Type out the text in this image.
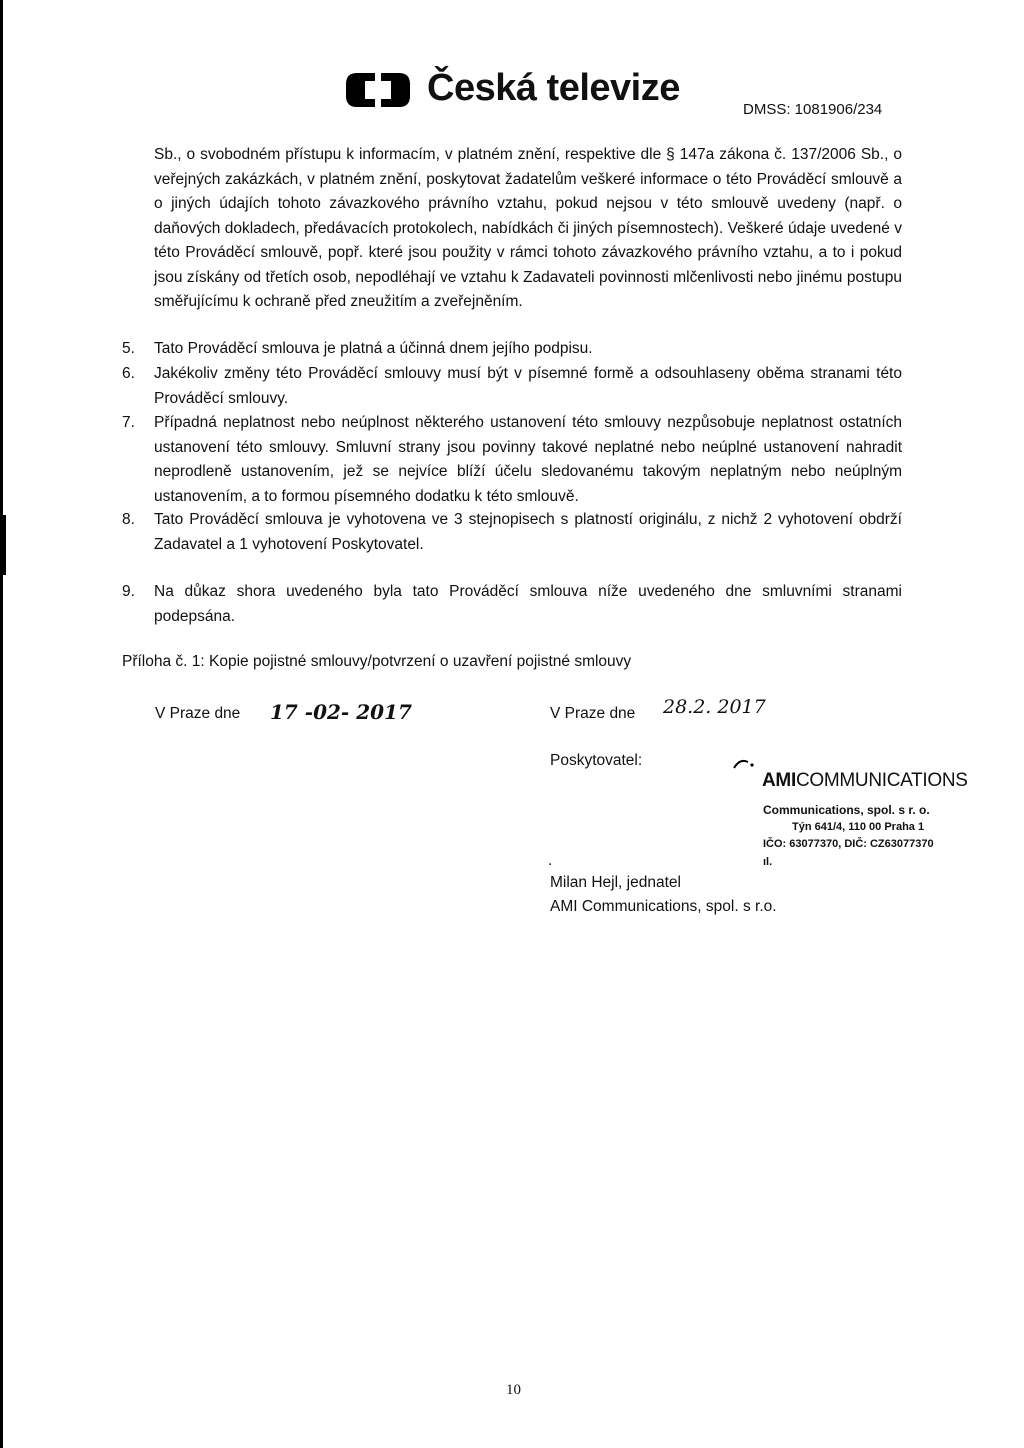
Česká televize
DMSS: 1081906/234
Sb., o svobodném přístupu k informacím, v platném znění, respektive dle § 147a zákona č. 137/2006 Sb., o veřejných zakázkách, v platném znění, poskytovat žadatelům veškeré informace o této Prováděcí smlouvě a o jiných údajích tohoto závazkového právního vztahu, pokud nejsou v této smlouvě uvedeny (např. o daňových dokladech, předávacích protokolech, nabídkách či jiných písemnostech). Veškeré údaje uvedené v této Prováděcí smlouvě, popř. které jsou použity v rámci tohoto závazkového právního vztahu, a to i pokud jsou získány od třetích osob, nepodléhají ve vztahu k Zadavateli povinnosti mlčenlivosti nebo jinému postupu směřujícímu k ochraně před zneužitím a zveřejněním.
5.	Tato Prováděcí smlouva je platná a účinná dnem jejího podpisu.
6.	Jakékoliv změny této Prováděcí smlouvy musí být v písemné formě a odsouhlaseny oběma stranami této Prováděcí smlouvy.
7.	Případná neplatnost nebo neúplnost některého ustanovení této smlouvy nezpůsobuje neplatnost ostatních ustanovení této smlouvy. Smluvní strany jsou povinny takové neplatné nebo neúplné ustanovení nahradit neprodleně ustanovením, jež se nejvíce blíží účelu sledovanému takovým neplatným nebo neúplným ustanovením, a to formou písemného dodatku k této smlouvě.
8.	Tato Prováděcí smlouva je vyhotovena ve 3 stejnopisech s platností originálu, z nichž 2 vyhotovení obdrží Zadavatel a 1 vyhotovení Poskytovatel.
9.	Na důkaz shora uvedeného byla tato Prováděcí smlouva níže uvedeného dne smluvními stranami podepsána.
Příloha č. 1: Kopie pojistné smlouvy/potvrzení o uzavření pojistné smlouvy
V Praze dne 17 -02- 2017	V Praze dne 28.2. 2017
Poskytovatel:
AMICOMMUNICATIONS
Communications, spol. s r. o.
Týn 641/4, 110 00 Praha 1
IČO: 63077370, DIČ: CZ63077370
ıl.
.
Milan Hejl, jednatel
AMI Communications, spol. s r.o.
10
